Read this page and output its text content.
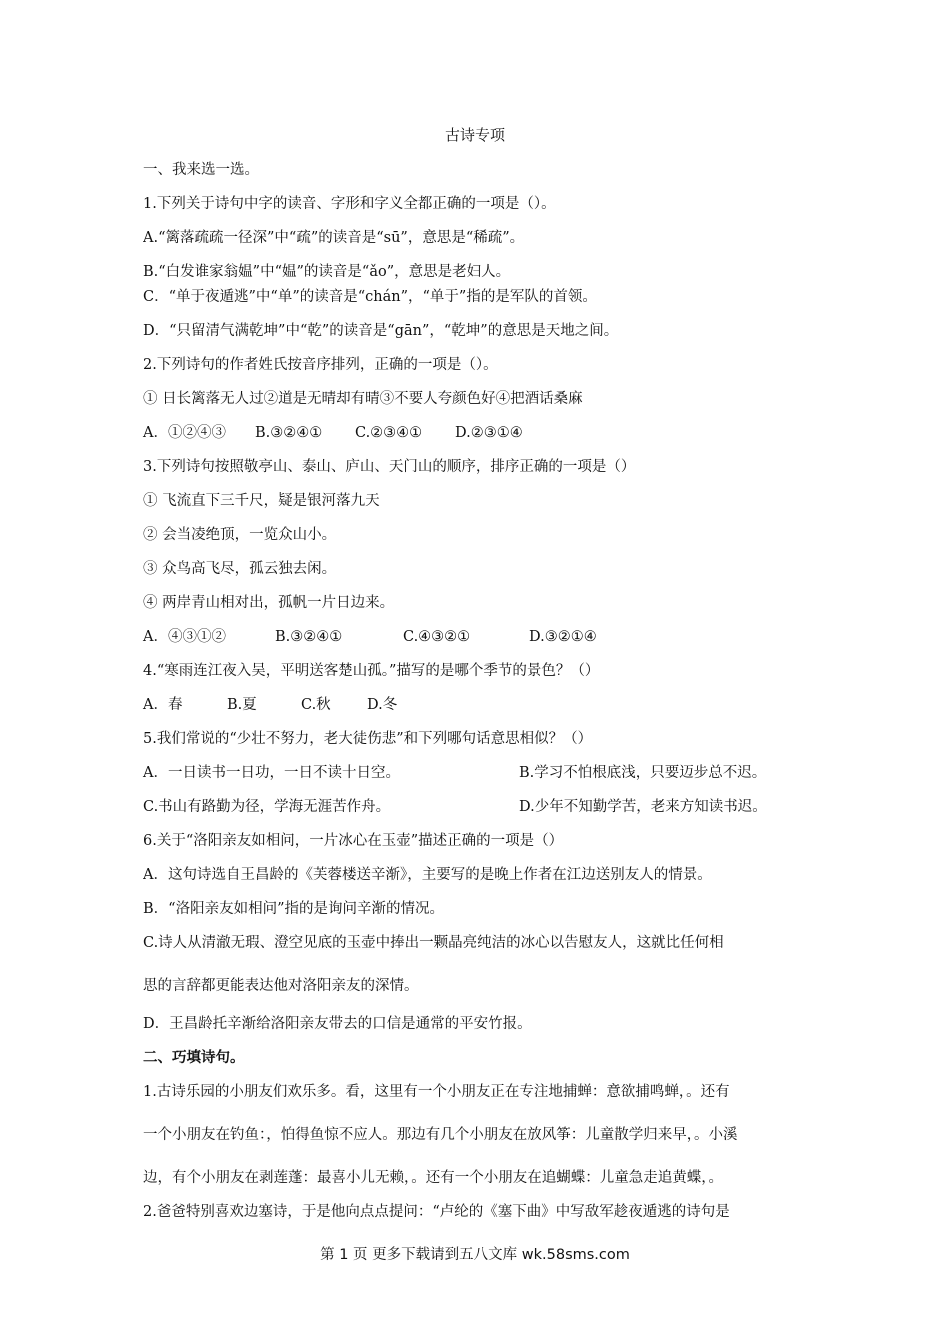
古诗专项

一、我来选一选。

1.下列关于诗句中字的读音、字形和字义全都正确的一项是（）。

A.“篱落疏疏一径深”中“疏”的读音是“sū”，意思是“稀疏”。

B.“白发谁家翁媪”中“媪”的读音是“ǎo”，意思是老妇人。

C．“单于夜遁逃”中“单”的读音是“chán”，“单于”指的是军队的首领。

D．“只留清气满乾坤”中“乾”的读音是“gān”，“乾坤”的意思是天地之间。

2.下列诗句的作者姓氏按音序排列，正确的一项是（）。

① 日长篱落无人过②道是无晴却有晴③不要人夸颜色好④把酒话桑麻

A．①②④③	B.③②④①	C.②③④①	D.②③①④

3.下列诗句按照敬亭山、泰山、庐山、天门山的顺序，排序正确的一项是（）

① 飞流直下三千尺，疑是银河落九天

② 会当凌绝顶，一览众山小。

③ 众鸟高飞尽，孤云独去闲。

④ 两岸青山相对出，孤帆一片日边来。

A．④③①②	B.③②④①	C.④③②①	D.③②①④

4.“寒雨连江夜入吴，平明送客楚山孤。”描写的是哪个季节的景色？（）

A．春	B.夏	C.秋	D.冬

5.我们常说的“少壮不努力，老大徒伤悲”和下列哪句话意思相似？（）

A．一日读书一日功，一日不读十日空。	B.学习不怕根底浅，只要迈步总不迟。
C.书山有路勤为径，学海无涯苦作舟。	D.少年不知勤学苦，老来方知读书迟。

6.关于“洛阳亲友如相问，一片冰心在玉壶”描述正确的一项是（）

A．这句诗选自王昌龄的《芙蓉楼送辛渐》，主要写的是晚上作者在江边送别友人的情景。

B．“洛阳亲友如相问”指的是询问辛渐的情况。

C.诗人从清澈无瑕、澄空见底的玉壶中捧出一颗晶亮纯洁的冰心以告慰友人，这就比任何相

思的言辞都更能表达他对洛阳亲友的深情。

D．王昌龄托辛渐给洛阳亲友带去的口信是通常的平安竹报。

二、巧填诗句。

1.古诗乐园的小朋友们欢乐多。看，这里有一个小朋友正在专注地捕蝉：意欲捕鸣蝉，。还有

一个小朋友在钓鱼：，怕得鱼惊不应人。那边有几个小朋友在放风筝：儿童散学归来早，。小溪

边，有个小朋友在剥莲蓬：最喜小儿无赖，。还有一个小朋友在追蝴蝶：儿童急走追黄蝶，。

2.爸爸特别喜欢边塞诗，于是他向点点提问：“卢纶的《塞下曲》中写敌军趁夜遁逃的诗句是

第 1 页 更多下载请到五八文库 wk.58sms.com
